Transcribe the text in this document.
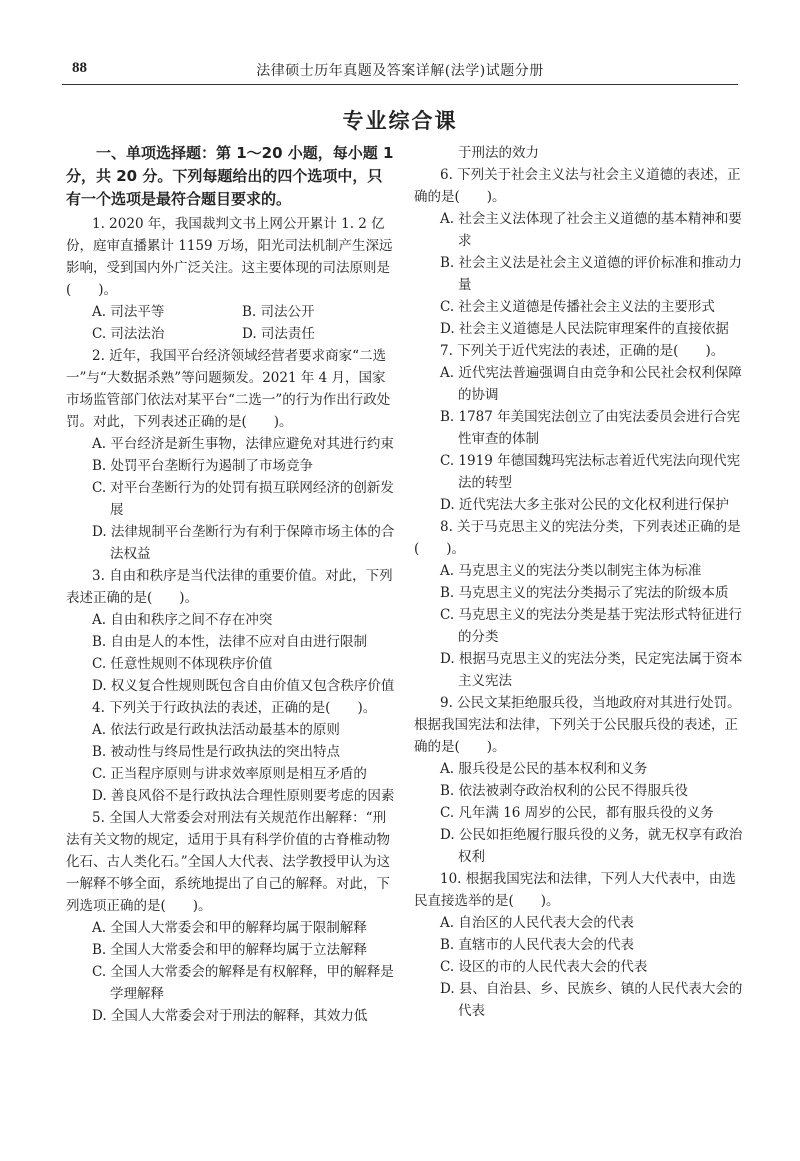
88	法律硕士历年真题及答案详解(法学)试题分册
专业综合课

一、单项选择题：第 1～20 小题，每小题 1 分，共 20 分。下列每题给出的四个选项中，只有一个选项是最符合题目要求的。

1. 2020 年，我国裁判文书上网公开累计 1. 2 亿份，庭审直播累计 1159 万场，阳光司法机制产生深远影响，受到国内外广泛关注。这主要体现的司法原则是(　　)。

A. 司法平等	B. 司法公开
C. 司法法治	D. 司法责任

2. 近年，我国平台经济领域经营者要求商家“二选一”与“大数据杀熟”等问题频发。2021 年 4 月，国家市场监管部门依法对某平台“二选一”的行为作出行政处罚。对此，下列表述正确的是(　　)。

A. 平台经济是新生事物，法律应避免对其进行约束

B. 处罚平台垄断行为遏制了市场竞争

C. 对平台垄断行为的处罚有损互联网经济的创新发展

D. 法律规制平台垄断行为有利于保障市场主体的合法权益

3. 自由和秩序是当代法律的重要价值。对此，下列表述正确的是(　　)。

A. 自由和秩序之间不存在冲突

B. 自由是人的本性，法律不应对自由进行限制

C. 任意性规则不体现秩序价值

D. 权义复合性规则既包含自由价值又包含秩序价值

4. 下列关于行政执法的表述，正确的是(　　)。

A. 依法行政是行政执法活动最基本的原则

B. 被动性与终局性是行政执法的突出特点

C. 正当程序原则与讲求效率原则是相互矛盾的

D. 善良风俗不是行政执法合理性原则要考虑的因素

5. 全国人大常委会对刑法有关规范作出解释：“刑法有关文物的规定，适用于具有科学价值的古脊椎动物化石、古人类化石。”全国人大代表、法学教授甲认为这一解释不够全面，系统地提出了自己的解释。对此，下列选项正确的是(　　)。

A. 全国人大常委会和甲的解释均属于限制解释

B. 全国人大常委会和甲的解释均属于立法解释

C. 全国人大常委会的解释是有权解释，甲的解释是学理解释

D. 全国人大常委会对于刑法的解释，其效力低

于刑法的效力

6. 下列关于社会主义法与社会主义道德的表述，正确的是(　　)。

A. 社会主义法体现了社会主义道德的基本精神和要求

B. 社会主义法是社会主义道德的评价标准和推动力量

C. 社会主义道德是传播社会主义法的主要形式

D. 社会主义道德是人民法院审理案件的直接依据

7. 下列关于近代宪法的表述，正确的是(　　)。

A. 近代宪法普遍强调自由竞争和公民社会权利保障的协调

B. 1787 年美国宪法创立了由宪法委员会进行合宪性审查的体制

C. 1919 年德国魏玛宪法标志着近代宪法向现代宪法的转型

D. 近代宪法大多主张对公民的文化权利进行保护

8. 关于马克思主义的宪法分类，下列表述正确的是(　　)。

A. 马克思主义的宪法分类以制宪主体为标准

B. 马克思主义的宪法分类揭示了宪法的阶级本质

C. 马克思主义的宪法分类是基于宪法形式特征进行的分类

D. 根据马克思主义的宪法分类，民定宪法属于资本主义宪法

9. 公民文某拒绝服兵役，当地政府对其进行处罚。根据我国宪法和法律，下列关于公民服兵役的表述，正确的是(　　)。

A. 服兵役是公民的基本权利和义务

B. 依法被剥夺政治权利的公民不得服兵役

C. 凡年满 16 周岁的公民，都有服兵役的义务

D. 公民如拒绝履行服兵役的义务，就无权享有政治权利

10. 根据我国宪法和法律，下列人大代表中，由选民直接选举的是(　　)。

A. 自治区的人民代表大会的代表

B. 直辖市的人民代表大会的代表

C. 设区的市的人民代表大会的代表

D. 县、自治县、乡、民族乡、镇的人民代表大会的代表
